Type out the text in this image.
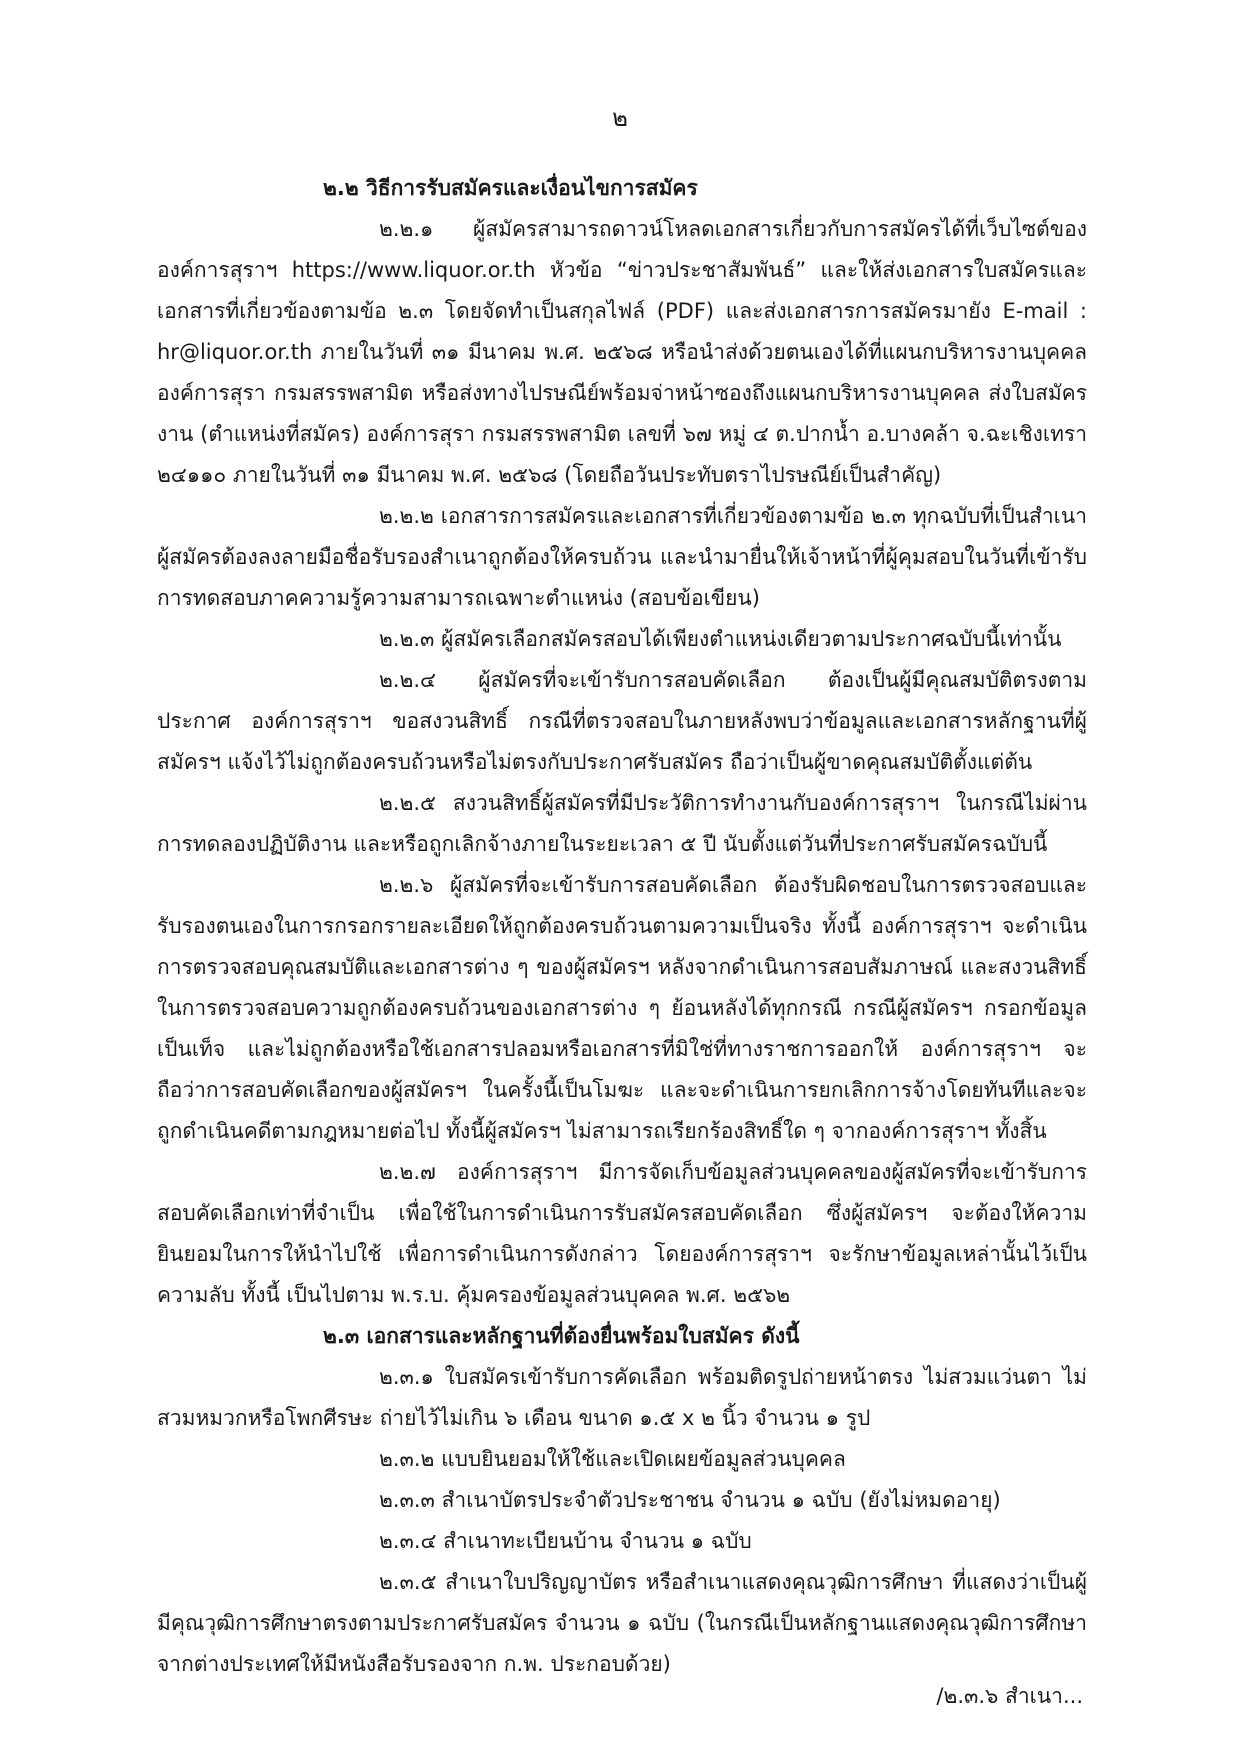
๒

๒.๒ วิธีการรับสมัครและเงื่อนไขการสมัคร

๒.๒.๑ ผู้สมัครสามารถดาวน์โหลดเอกสารเกี่ยวกับการสมัครได้ที่เว็บไซต์ขององค์การสุราฯ https://www.liquor.or.th หัวข้อ “ข่าวประชาสัมพันธ์” และให้ส่งเอกสารใบสมัครและเอกสารที่เกี่ยวข้องตามข้อ ๒.๓ โดยจัดทำเป็นสกุลไฟล์ (PDF) และส่งเอกสารการสมัครมายัง E-mail : hr@liquor.or.th ภายในวันที่ ๓๑ มีนาคม พ.ศ. ๒๕๖๘ หรือนำส่งด้วยตนเองได้ที่แผนกบริหารงานบุคคล องค์การสุรา กรมสรรพสามิต หรือส่งทางไปรษณีย์พร้อมจ่าหน้าซองถึงแผนกบริหารงานบุคคล ส่งใบสมัครงาน (ตำแหน่งที่สมัคร) องค์การสุรา กรมสรรพสามิต เลขที่ ๖๗ หมู่ ๔ ต.ปากน้ำ อ.บางคล้า จ.ฉะเชิงเทรา ๒๔๑๑๐ ภายในวันที่ ๓๑ มีนาคม พ.ศ. ๒๕๖๘ (โดยถือวันประทับตราไปรษณีย์เป็นสำคัญ)

๒.๒.๒ เอกสารการสมัครและเอกสารที่เกี่ยวข้องตามข้อ ๒.๓ ทุกฉบับที่เป็นสำเนา ผู้สมัครต้องลงลายมือชื่อรับรองสำเนาถูกต้องให้ครบถ้วน และนำมายื่นให้เจ้าหน้าที่ผู้คุมสอบในวันที่เข้ารับการทดสอบภาคความรู้ความสามารถเฉพาะตำแหน่ง (สอบข้อเขียน)

๒.๒.๓ ผู้สมัครเลือกสมัครสอบได้เพียงตำแหน่งเดียวตามประกาศฉบับนี้เท่านั้น

๒.๒.๔ ผู้สมัครที่จะเข้ารับการสอบคัดเลือก ต้องเป็นผู้มีคุณสมบัติตรงตามประกาศ องค์การสุราฯ ขอสงวนสิทธิ์ กรณีที่ตรวจสอบในภายหลังพบว่าข้อมูลและเอกสารหลักฐานที่ผู้สมัครฯ แจ้งไว้ไม่ถูกต้องครบถ้วนหรือไม่ตรงกับประกาศรับสมัคร ถือว่าเป็นผู้ขาดคุณสมบัติตั้งแต่ต้น

๒.๒.๕ สงวนสิทธิ์ผู้สมัครที่มีประวัติการทำงานกับองค์การสุราฯ ในกรณีไม่ผ่านการทดลองปฏิบัติงาน และหรือถูกเลิกจ้างภายในระยะเวลา ๕ ปี นับตั้งแต่วันที่ประกาศรับสมัครฉบับนี้

๒.๒.๖ ผู้สมัครที่จะเข้ารับการสอบคัดเลือก ต้องรับผิดชอบในการตรวจสอบและรับรองตนเองในการกรอกรายละเอียดให้ถูกต้องครบถ้วนตามความเป็นจริง ทั้งนี้ องค์การสุราฯ จะดำเนินการตรวจสอบคุณสมบัติและเอกสารต่าง ๆ ของผู้สมัครฯ หลังจากดำเนินการสอบสัมภาษณ์ และสงวนสิทธิ์ในการตรวจสอบความถูกต้องครบถ้วนของเอกสารต่าง ๆ ย้อนหลังได้ทุกกรณี กรณีผู้สมัครฯ กรอกข้อมูลเป็นเท็จ และไม่ถูกต้องหรือใช้เอกสารปลอมหรือเอกสารที่มิใช่ที่ทางราชการออกให้ องค์การสุราฯ จะถือว่าการสอบคัดเลือกของผู้สมัครฯ ในครั้งนี้เป็นโมฆะ และจะดำเนินการยกเลิกการจ้างโดยทันทีและจะถูกดำเนินคดีตามกฎหมายต่อไป ทั้งนี้ผู้สมัครฯ ไม่สามารถเรียกร้องสิทธิ์ใด ๆ จากองค์การสุราฯ ทั้งสิ้น

๒.๒.๗ องค์การสุราฯ มีการจัดเก็บข้อมูลส่วนบุคคลของผู้สมัครที่จะเข้ารับการสอบคัดเลือกเท่าที่จำเป็น เพื่อใช้ในการดำเนินการรับสมัครสอบคัดเลือก ซึ่งผู้สมัครฯ จะต้องให้ความยินยอมในการให้นำไปใช้ เพื่อการดำเนินการดังกล่าว โดยองค์การสุราฯ จะรักษาข้อมูลเหล่านั้นไว้เป็นความลับ ทั้งนี้ เป็นไปตาม พ.ร.บ. คุ้มครองข้อมูลส่วนบุคคล พ.ศ. ๒๕๖๒

๒.๓ เอกสารและหลักฐานที่ต้องยื่นพร้อมใบสมัคร ดังนี้

๒.๓.๑ ใบสมัครเข้ารับการคัดเลือก พร้อมติดรูปถ่ายหน้าตรง ไม่สวมแว่นตา ไม่สวมหมวกหรือโพกศีรษะ ถ่ายไว้ไม่เกิน ๖ เดือน ขนาด ๑.๕ x ๒ นิ้ว จำนวน ๑ รูป

๒.๓.๒ แบบยินยอมให้ใช้และเปิดเผยข้อมูลส่วนบุคคล

๒.๓.๓ สำเนาบัตรประจำตัวประชาชน จำนวน ๑ ฉบับ (ยังไม่หมดอายุ)

๒.๓.๔ สำเนาทะเบียนบ้าน จำนวน ๑ ฉบับ

๒.๓.๕ สำเนาใบปริญญาบัตร หรือสำเนาแสดงคุณวุฒิการศึกษา ที่แสดงว่าเป็นผู้มีคุณวุฒิการศึกษาตรงตามประกาศรับสมัคร จำนวน ๑ ฉบับ (ในกรณีเป็นหลักฐานแสดงคุณวุฒิการศึกษาจากต่างประเทศให้มีหนังสือรับรองจาก ก.พ. ประกอบด้วย)

/๒.๓.๖ สำเนา...
